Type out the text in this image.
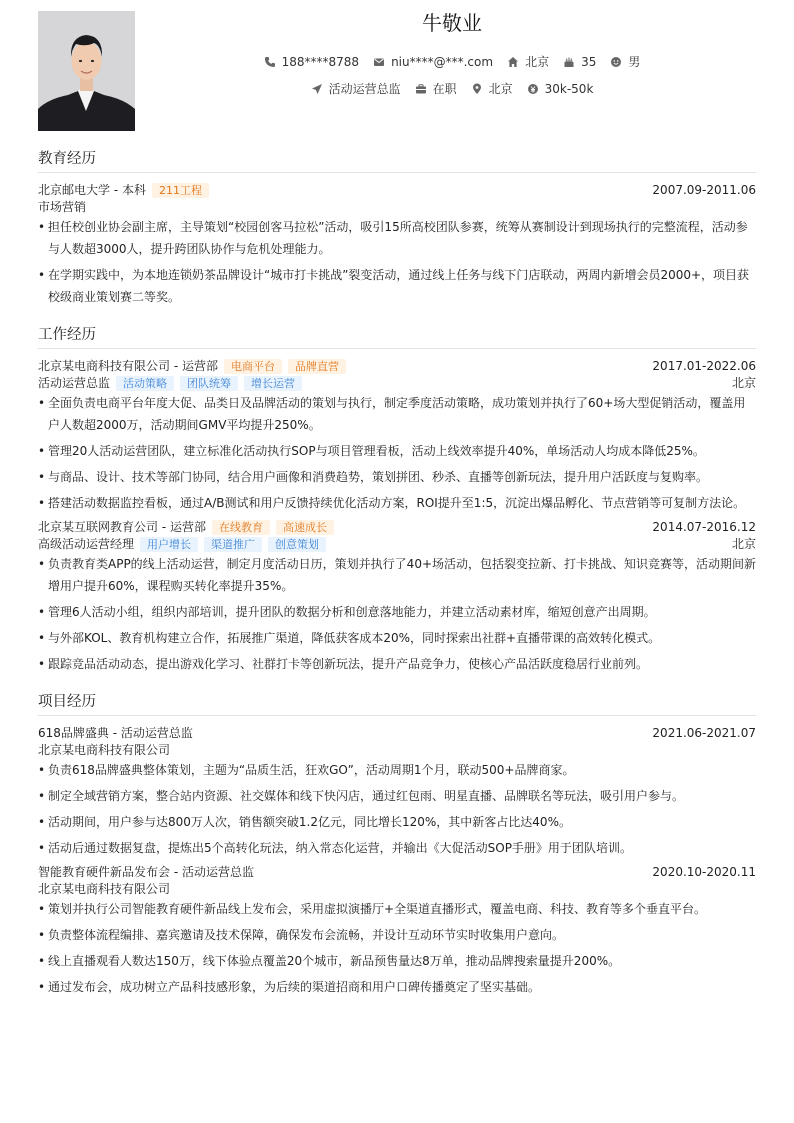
牛敬业
188****8788	niu****@***.com	北京	35	男
活动运营总监	在职	北京	30k-50k
教育经历
北京邮电大学 - 本科	211工程	2007.09-2011.06
市场营销
• 担任校创业协会副主席，主导策划“校园创客马拉松”活动，吸引15所高校团队参赛，统筹从赛制设计到现场执行的完整流程，活动参与人数超3000人，提升跨团队协作与危机处理能力。
• 在学期实践中，为本地连锁奶茶品牌设计“城市打卡挑战”裂变活动，通过线上任务与线下门店联动，两周内新增会员2000+，项目获校级商业策划赛二等奖。
工作经历
北京某电商科技有限公司 - 运营部	电商平台	品牌直营	2017.01-2022.06
活动运营总监	活动策略	团队统筹	增长运营	北京
• 全面负责电商平台年度大促、品类日及品牌活动的策划与执行，制定季度活动策略，成功策划并执行了60+场大型促销活动，覆盖用户人数超2000万，活动期间GMV平均提升250%。
• 管理20人活动运营团队，建立标准化活动执行SOP与项目管理看板，活动上线效率提升40%，单场活动人均成本降低25%。
• 与商品、设计、技术等部门协同，结合用户画像和消费趋势，策划拼团、秒杀、直播等创新玩法，提升用户活跃度与复购率。
• 搭建活动数据监控看板，通过A/B测试和用户反馈持续优化活动方案，ROI提升至1:5，沉淀出爆品孵化、节点营销等可复制方法论。
北京某互联网教育公司 - 运营部	在线教育	高速成长	2014.07-2016.12
高级活动运营经理	用户增长	渠道推广	创意策划	北京
• 负责教育类APP的线上活动运营，制定月度活动日历，策划并执行了40+场活动，包括裂变拉新、打卡挑战、知识竞赛等，活动期间新增用户提升60%，课程购买转化率提升35%。
• 管理6人活动小组，组织内部培训，提升团队的数据分析和创意落地能力，并建立活动素材库，缩短创意产出周期。
• 与外部KOL、教育机构建立合作，拓展推广渠道，降低获客成本20%，同时探索出社群+直播带课的高效转化模式。
• 跟踪竞品活动动态，提出游戏化学习、社群打卡等创新玩法，提升产品竞争力，使核心产品活跃度稳居行业前列。
项目经历
618品牌盛典 - 活动运营总监	2021.06-2021.07
北京某电商科技有限公司
• 负责618品牌盛典整体策划，主题为“品质生活，狂欢GO”，活动周期1个月，联动500+品牌商家。
• 制定全域营销方案，整合站内资源、社交媒体和线下快闪店，通过红包雨、明星直播、品牌联名等玩法，吸引用户参与。
• 活动期间，用户参与达800万人次，销售额突破1.2亿元，同比增长120%，其中新客占比达40%。
• 活动后通过数据复盘，提炼出5个高转化玩法，纳入常态化运营，并输出《大促活动SOP手册》用于团队培训。
智能教育硬件新品发布会 - 活动运营总监	2020.10-2020.11
北京某电商科技有限公司
• 策划并执行公司智能教育硬件新品线上发布会，采用虚拟演播厅+全渠道直播形式，覆盖电商、科技、教育等多个垂直平台。
• 负责整体流程编排、嘉宾邀请及技术保障，确保发布会流畅，并设计互动环节实时收集用户意向。
• 线上直播观看人数达150万，线下体验点覆盖20个城市，新品预售量达8万单，推动品牌搜索量提升200%。
• 通过发布会，成功树立产品科技感形象，为后续的渠道招商和用户口碑传播奠定了坚实基础。
